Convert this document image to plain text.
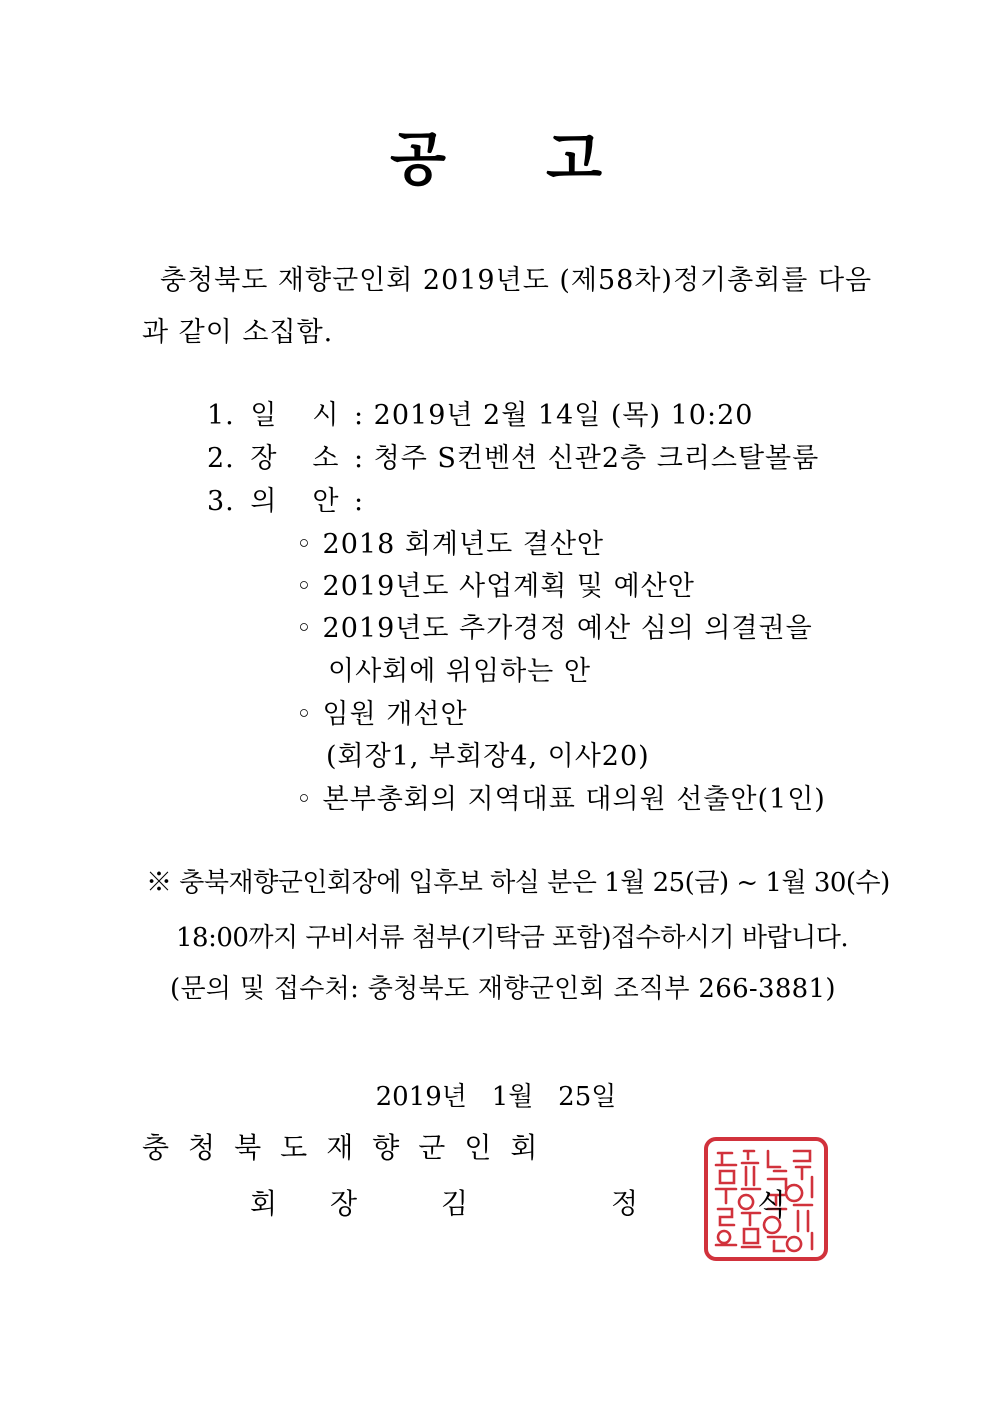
공 고
충청북도 재향군인회 2019년도 (제58차)정기총회를 다음
과 같이 소집함.
1. 일 시 : 2019년 2월 14일 (목) 10:20
2. 장 소 : 청주 S컨벤션 신관2층 크리스탈볼룸
3. 의 안 :
◦ 2018 회계년도 결산안
◦ 2019년도 사업계획 및 예산안
◦ 2019년도 추가경정 예산 심의 의결권을
이사회에 위임하는 안
◦ 임원 개선안
(회장1, 부회장4, 이사20)
◦ 본부총회의 지역대표 대의원 선출안(1인)
※ 충북재향군인회장에 입후보 하실 분은 1월 25(금) ~ 1월 30(수)
18:00까지 구비서류 첨부(기탁금 포함)접수하시기 바랍니다.
(문의 및 접수처: 충청북도 재향군인회 조직부 266-3881)
2019년   1월   25일
충청북도재향군인회
회 장 김	정	식
